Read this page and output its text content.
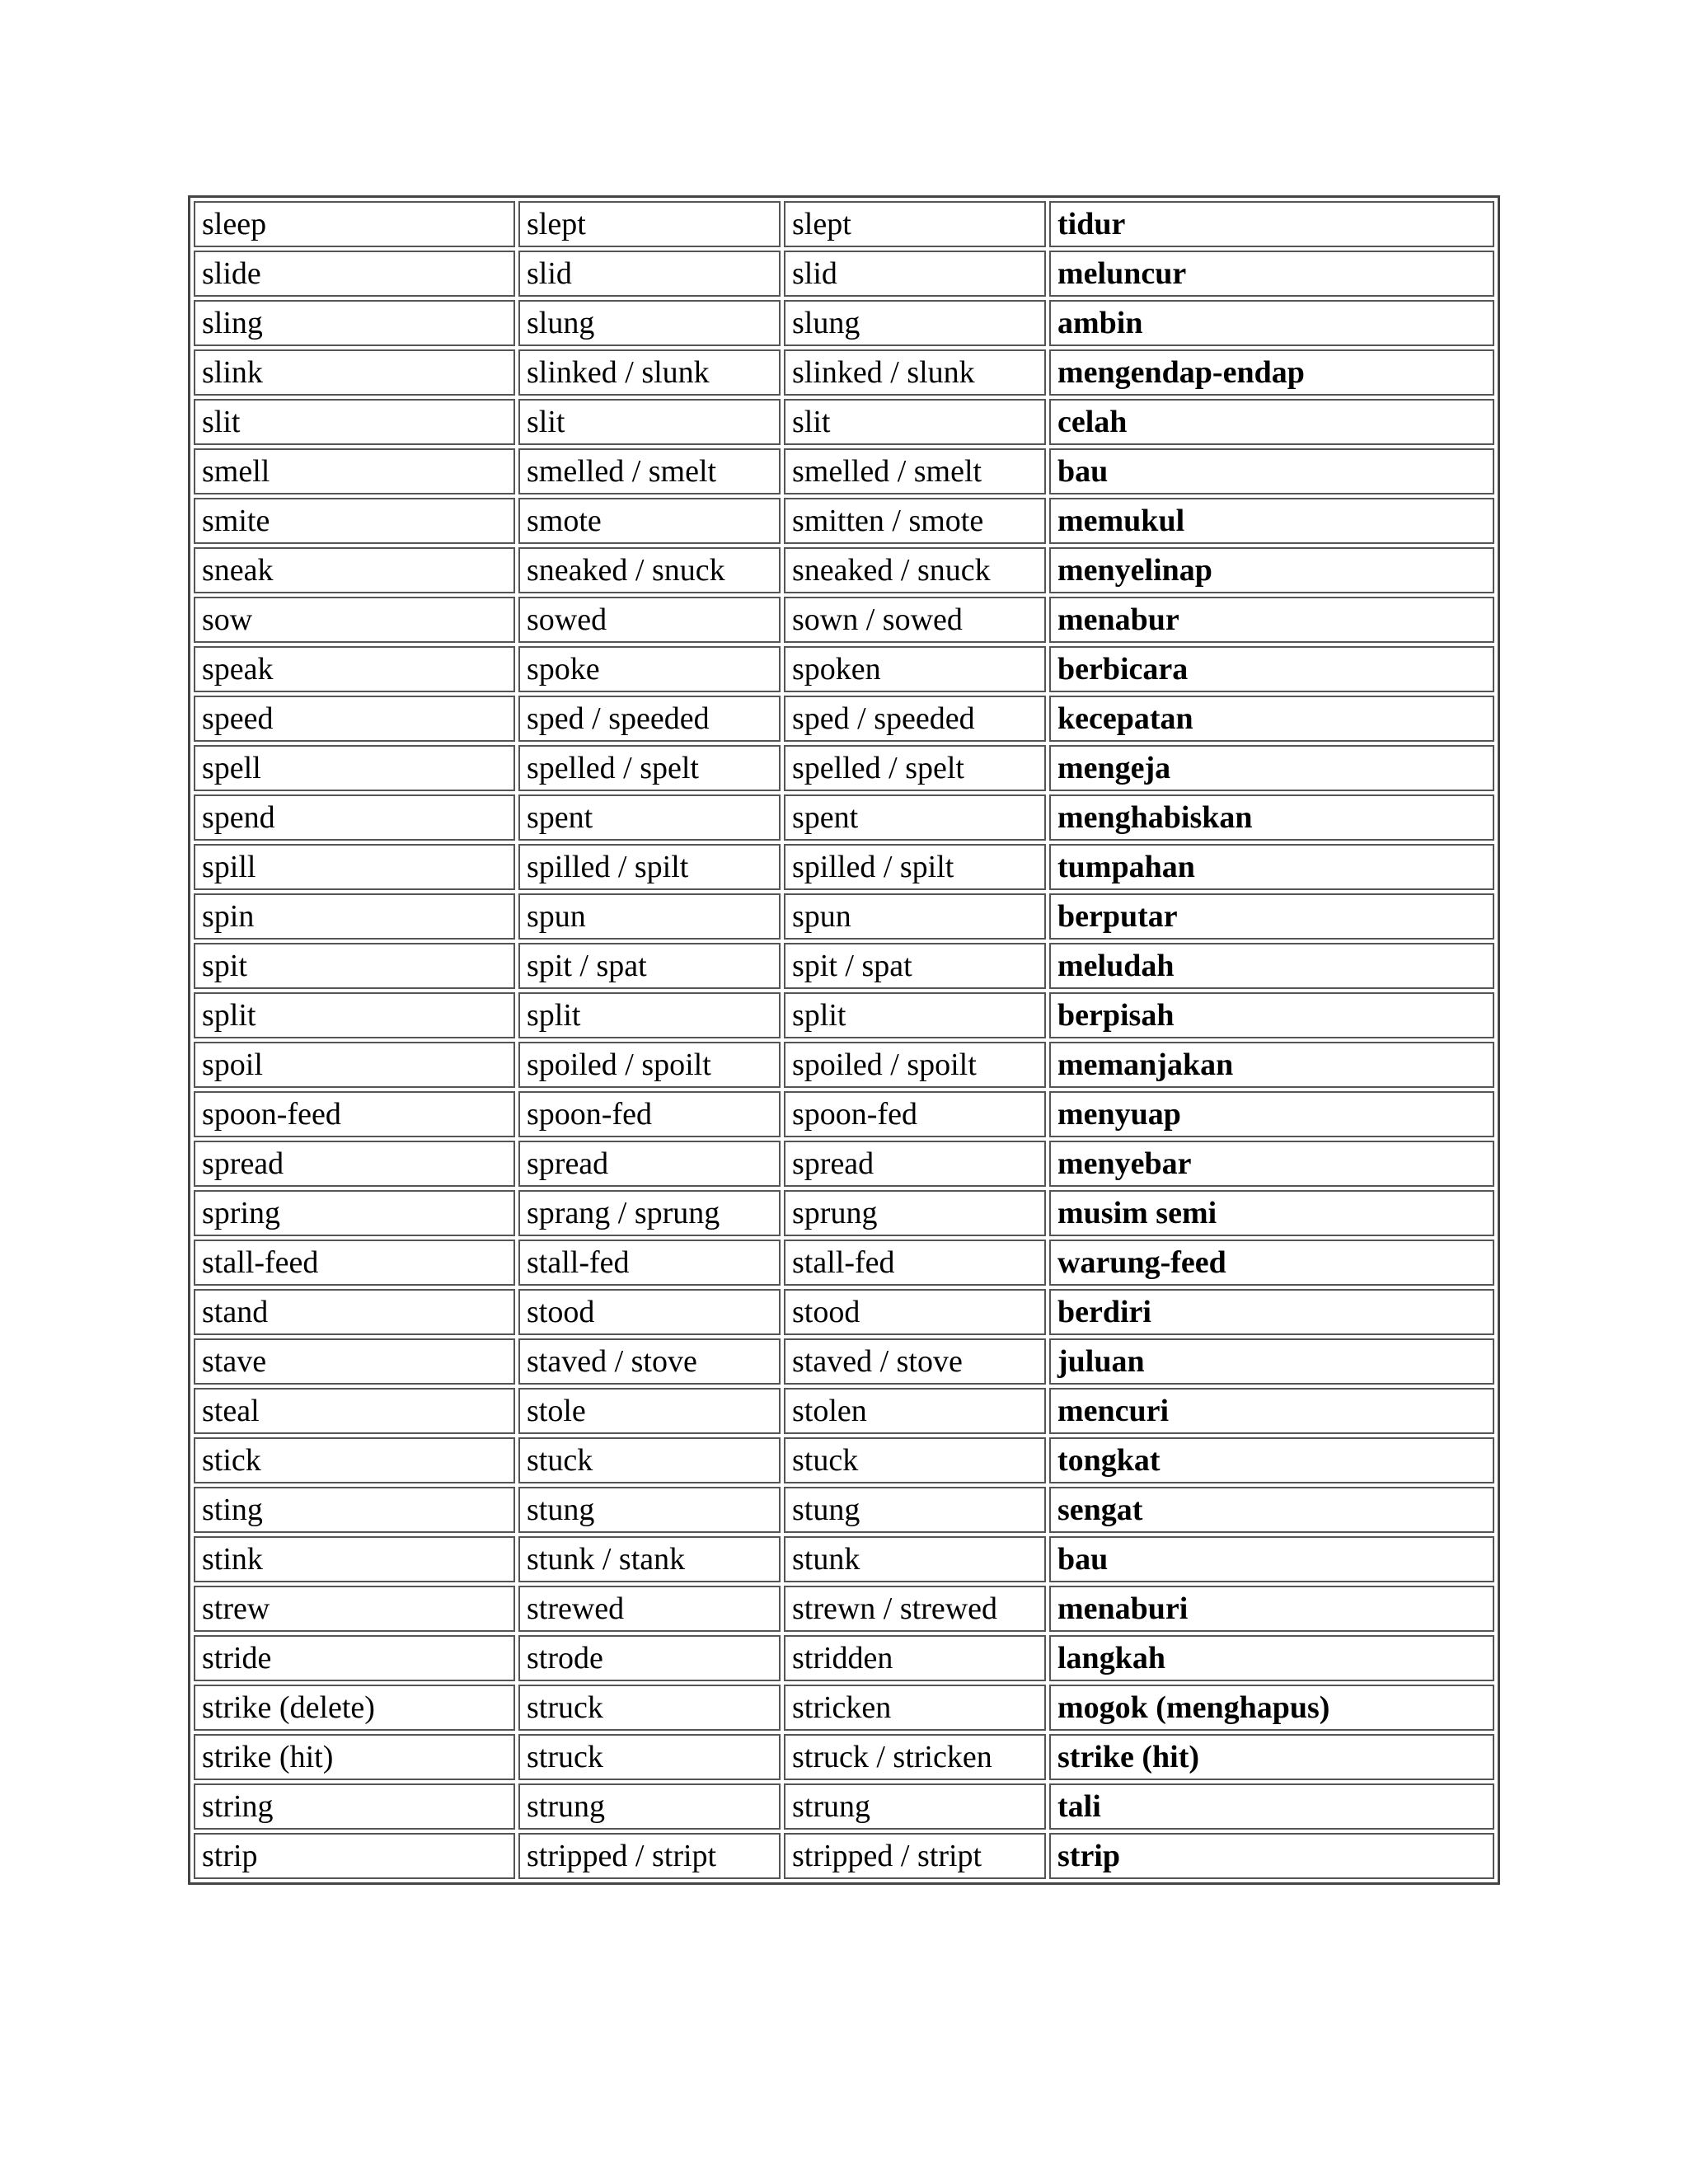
sleep	slept	slept	tidur
slide	slid	slid	meluncur
sling	slung	slung	ambin
slink	slinked / slunk	slinked / slunk	mengendap-endap
slit	slit	slit	celah
smell	smelled / smelt	smelled / smelt	bau
smite	smote	smitten / smote	memukul
sneak	sneaked / snuck	sneaked / snuck	menyelinap
sow	sowed	sown / sowed	menabur
speak	spoke	spoken	berbicara
speed	sped / speeded	sped / speeded	kecepatan
spell	spelled / spelt	spelled / spelt	mengeja
spend	spent	spent	menghabiskan
spill	spilled / spilt	spilled / spilt	tumpahan
spin	spun	spun	berputar
spit	spit / spat	spit / spat	meludah
split	split	split	berpisah
spoil	spoiled / spoilt	spoiled / spoilt	memanjakan
spoon-feed	spoon-fed	spoon-fed	menyuap
spread	spread	spread	menyebar
spring	sprang / sprung	sprung	musim semi
stall-feed	stall-fed	stall-fed	warung-feed
stand	stood	stood	berdiri
stave	staved / stove	staved / stove	juluan
steal	stole	stolen	mencuri
stick	stuck	stuck	tongkat
sting	stung	stung	sengat
stink	stunk / stank	stunk	bau
strew	strewed	strewn / strewed	menaburi
stride	strode	stridden	langkah
strike (delete)	struck	stricken	mogok (menghapus)
strike (hit)	struck	struck / stricken	strike (hit)
string	strung	strung	tali
strip	stripped / stript	stripped / stript	strip
